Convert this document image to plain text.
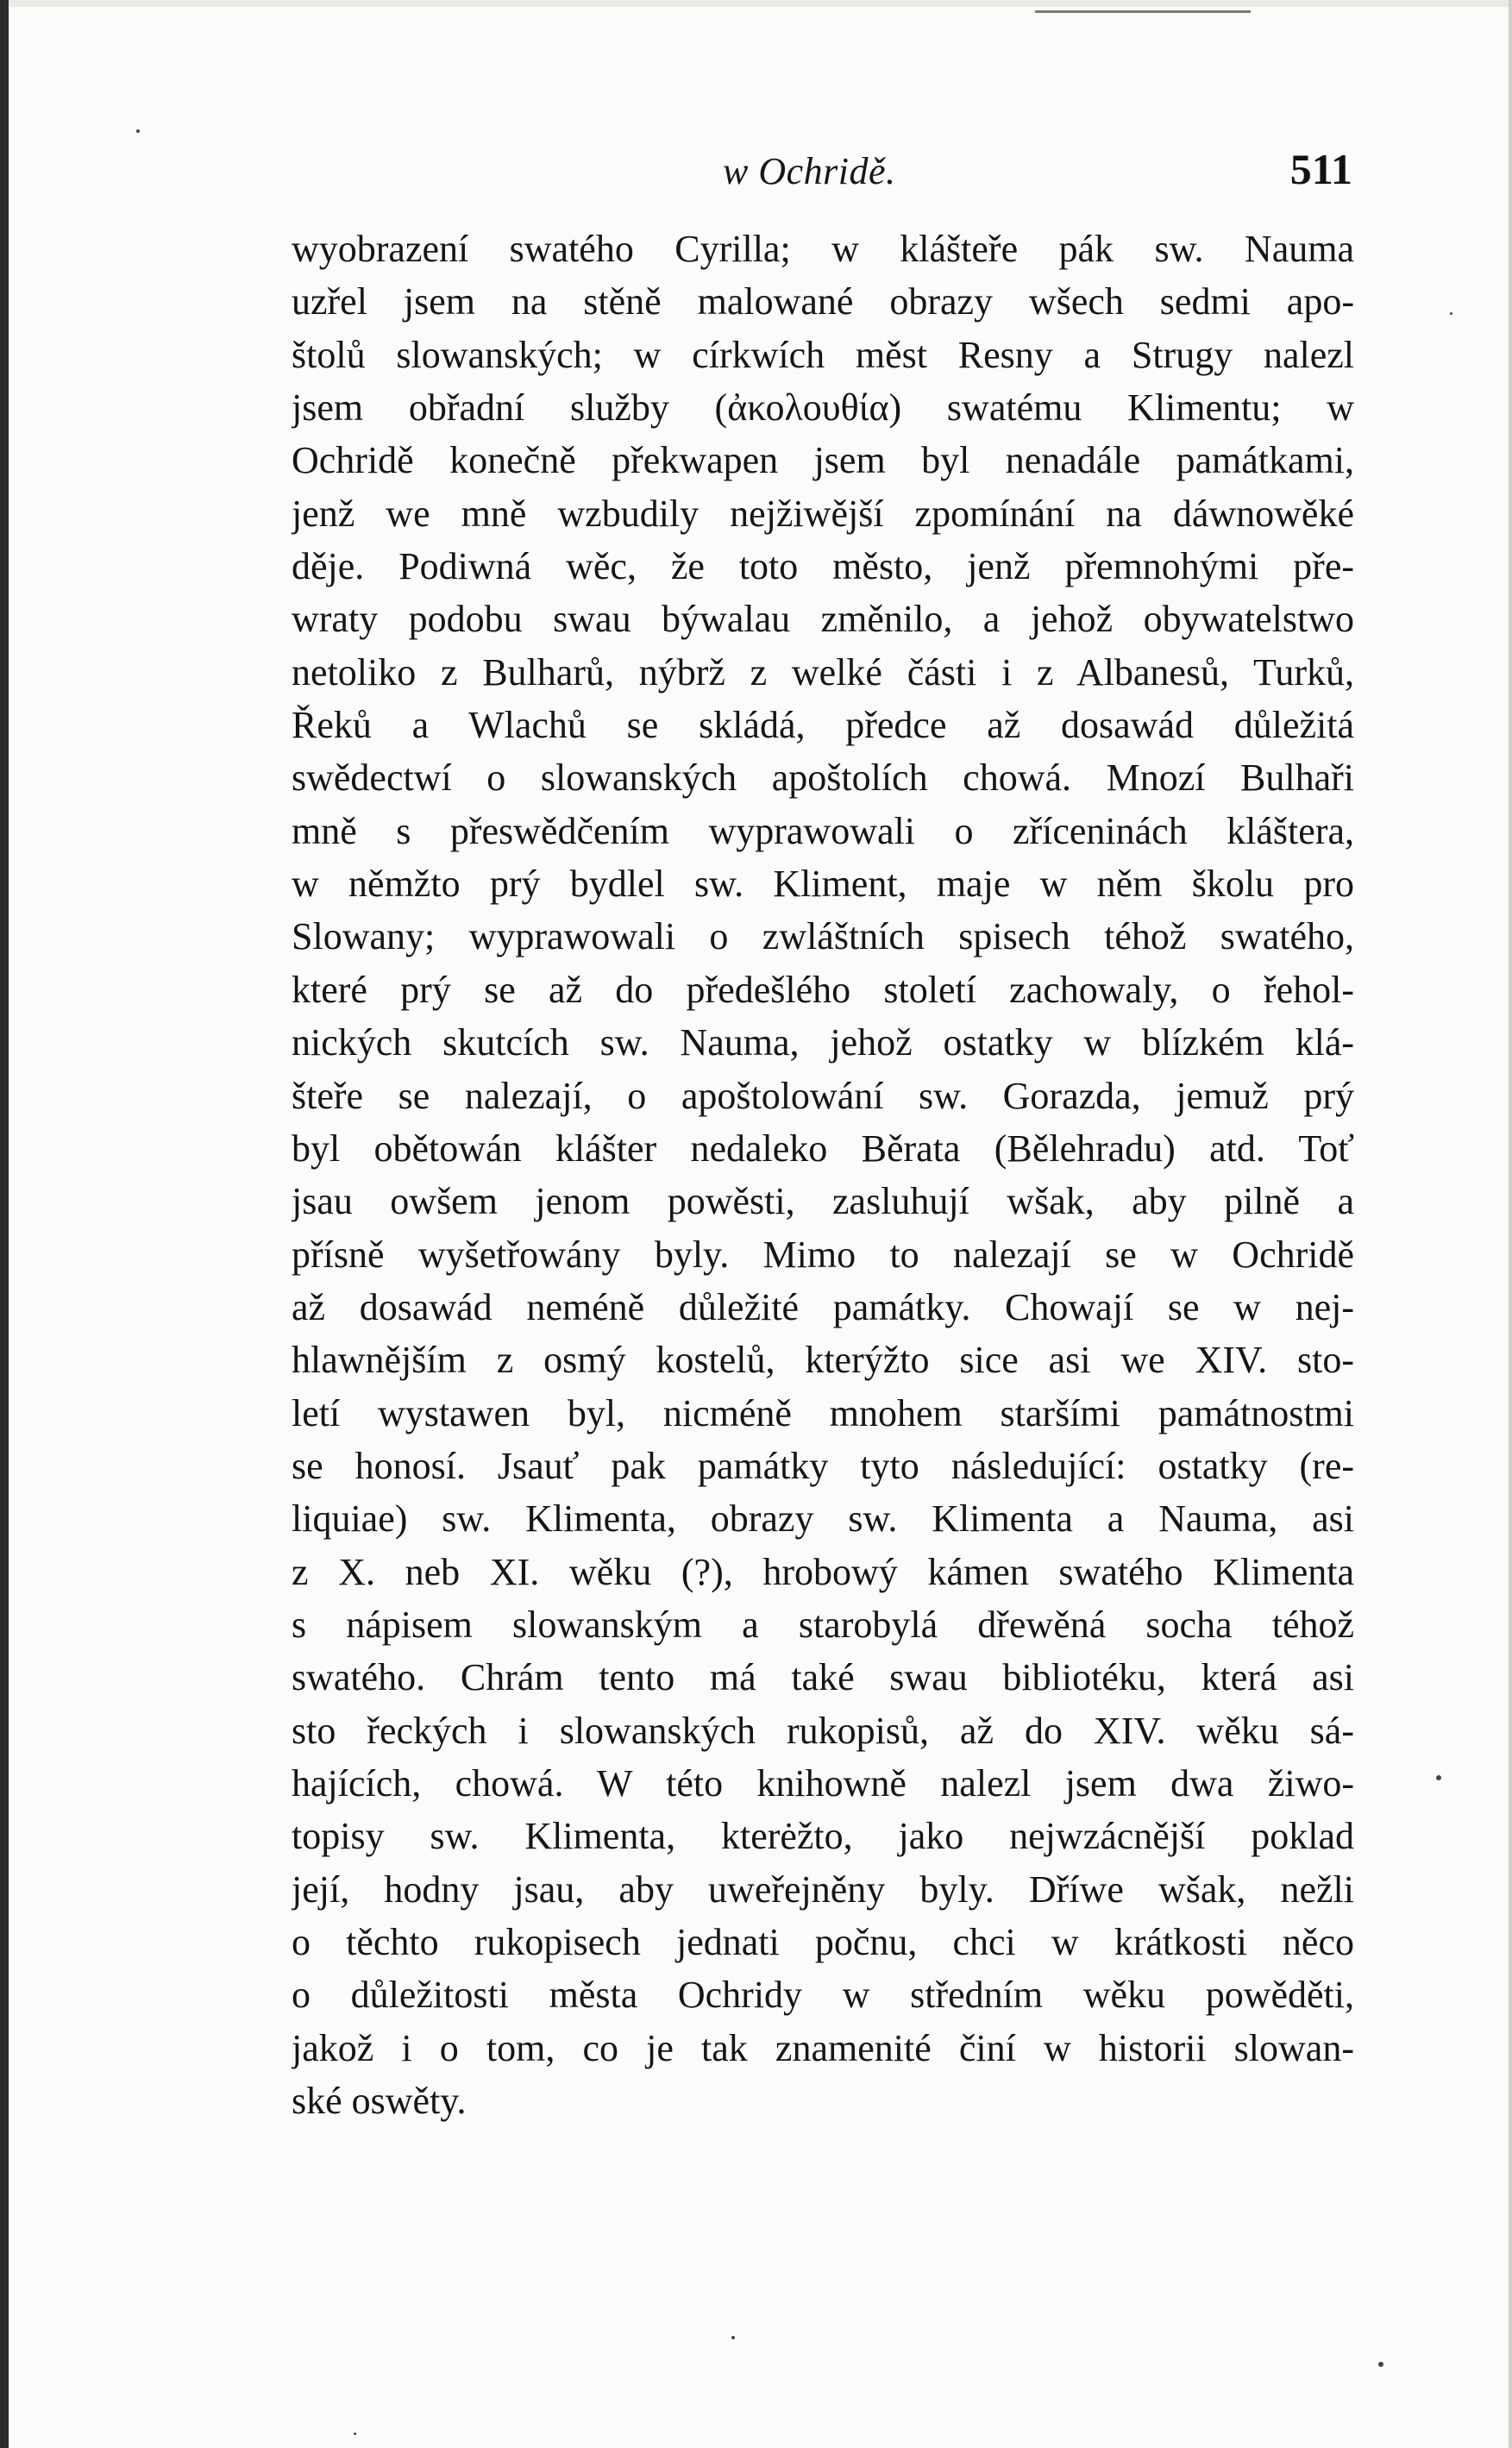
w Ochridě.	511
wyobrazení swatého Cyrilla; w klášteře pák sw. Nauma
uzřel jsem na stěně malowané obrazy wšech sedmi apo-
štolů slowanských; w církwích měst Resny a Strugy nalezl
jsem obřadní služby (ἀκολουθία) swatému Klimentu; w
Ochridě konečně překwapen jsem byl nenadále památkami,
jenž we mně wzbudily nejžiwější zpomínání na dáwnowěké
děje. Podiwná wěc, že toto město, jenž přemnohými pře-
wraty podobu swau býwalau změnilo, a jehož obywatelstwo
netoliko z Bulharů, nýbrž z welké části i z Albanesů, Turků,
Řeků a Wlachů se skládá, předce až dosawád důležitá
swědectwí o slowanských apoštolích chowá. Mnozí Bulhaři
mně s přeswědčením wyprawowali o zříceninách kláštera,
w němžto prý bydlel sw. Kliment, maje w něm školu pro
Slowany; wyprawowali o zwláštních spisech téhož swatého,
které prý se až do předešlého století zachowaly, o řehol-
nických skutcích sw. Nauma, jehož ostatky w blízkém klá-
šteře se nalezají, o apoštolowání sw. Gorazda, jemuž prý
byl obětowán klášter nedaleko Běrata (Bělehradu) atd. Toť
jsau owšem jenom powěsti, zasluhují wšak, aby pilně a
přísně wyšetřowány byly. Mimo to nalezají se w Ochridě
až dosawád neméně důležité památky. Chowají se w nej-
hlawnějším z osmý kostelů, kterýžto sice asi we XIV. sto-
letí wystawen byl, nicméně mnohem staršími památnostmi
se honosí. Jsauť pak památky tyto následující: ostatky (re-
liquiae) sw. Klimenta, obrazy sw. Klimenta a Nauma, asi
z X. neb XI. wěku (?), hrobowý kámen swatého Klimenta
s nápisem slowanským a starobylá dřewěná socha téhož
swatého. Chrám tento má také swau bibliotéku, která asi
sto řeckých i slowanských rukopisů, až do XIV. wěku sá-
hajících, chowá. W této knihowně nalezl jsem dwa žiwo-
topisy sw. Klimenta, kterėžto, jako nejwzácnější poklad
její, hodny jsau, aby uweřejněny byly. Dříwe wšak, nežli
o těchto rukopisech jednati počnu, chci w krátkosti něco
o důležitosti města Ochridy w středním wěku powěděti,
jakož i o tom, co je tak znamenité činí w historii slowan-
ské oswěty.
